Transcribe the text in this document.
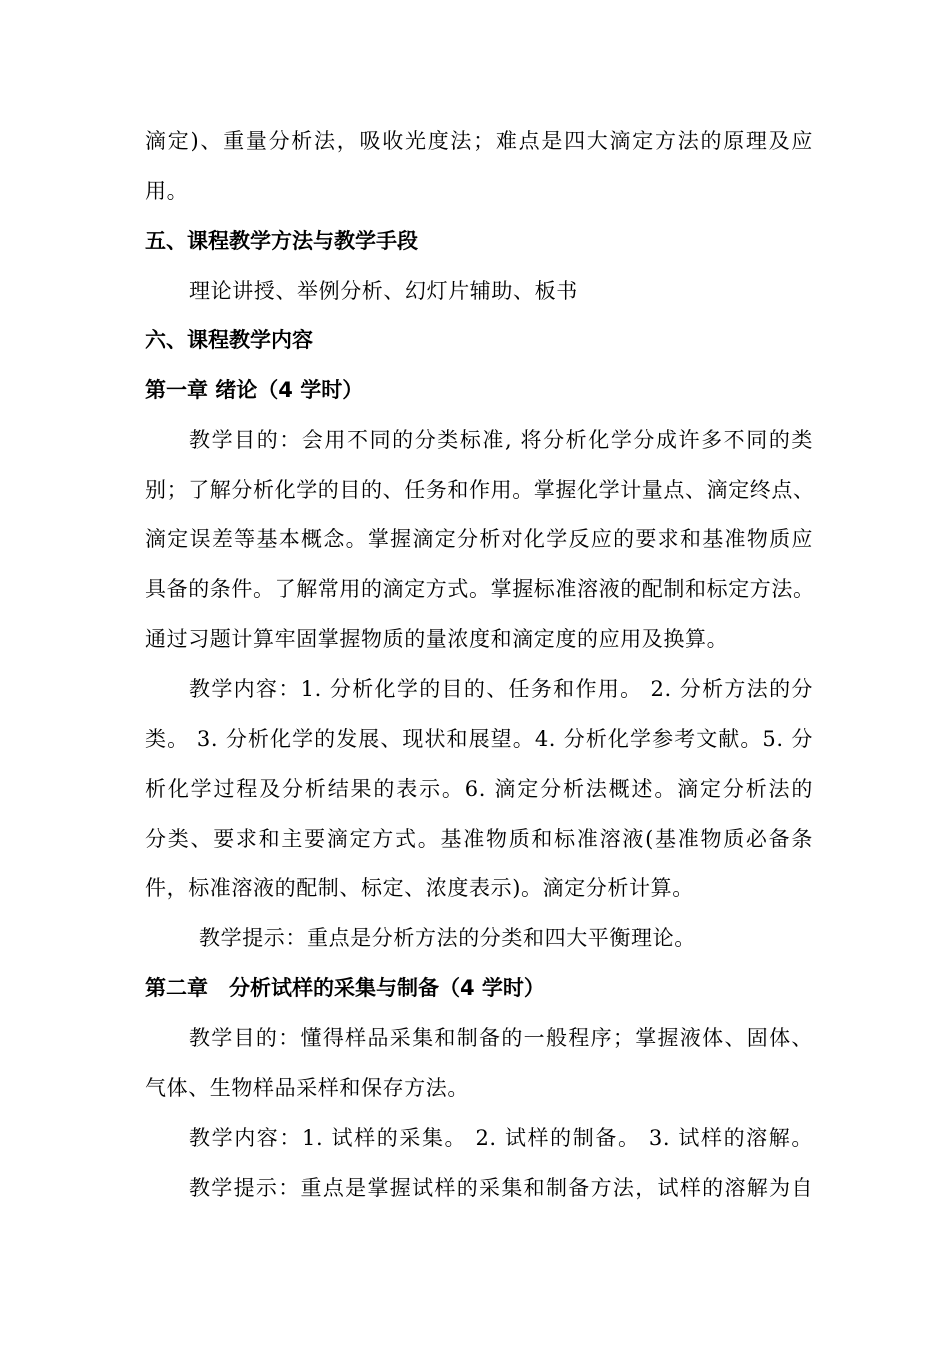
滴定)、重量分析法，吸收光度法；难点是四大滴定方法的原理及应
用。
五、课程教学方法与教学手段
理论讲授、举例分析、幻灯片辅助、板书
六、课程教学内容
第一章 绪论（4 学时）
教学目的：会用不同的分类标准, 将分析化学分成许多不同的类
别；了解分析化学的目的、任务和作用。掌握化学计量点、滴定终点、
滴定误差等基本概念。掌握滴定分析对化学反应的要求和基准物质应
具备的条件。了解常用的滴定方式。掌握标准溶液的配制和标定方法。
通过习题计算牢固掌握物质的量浓度和滴定度的应用及换算。
教学内容：1. 分析化学的目的、任务和作用。 2. 分析方法的分
类。 3. 分析化学的发展、现状和展望。4. 分析化学参考文献。5. 分
析化学过程及分析结果的表示。6. 滴定分析法概述。滴定分析法的
分类、要求和主要滴定方式。基准物质和标准溶液(基准物质必备条
件，标准溶液的配制、标定、浓度表示)。滴定分析计算。
教学提示：重点是分析方法的分类和四大平衡理论。
第二章　分析试样的采集与制备（4 学时）
教学目的：懂得样品采集和制备的一般程序；掌握液体、固体、
气体、生物样品采样和保存方法。
教学内容：1. 试样的采集。 2. 试样的制备。 3. 试样的溶解。
教学提示：重点是掌握试样的采集和制备方法，试样的溶解为自
